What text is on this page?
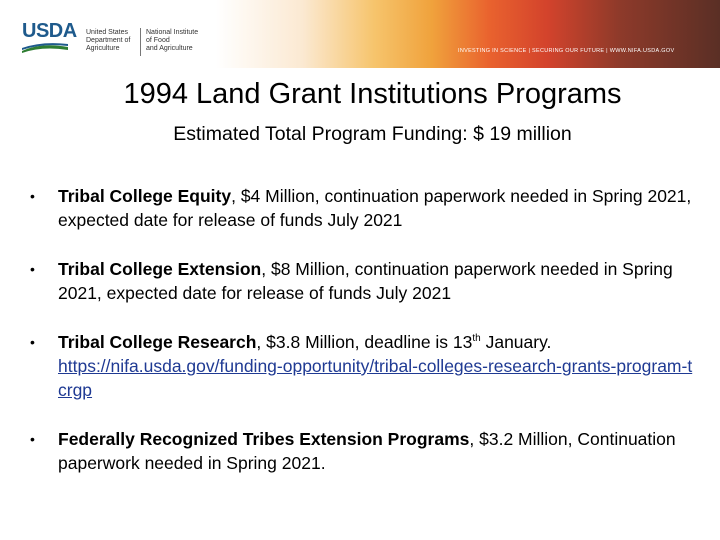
USDA United States
Department of
Agriculture
National Institute
of Food
and Agriculture	INVESTING IN SCIENCE | SECURING OUR FUTURE | WWW.NIFA.USDA.GOV
1994 Land Grant Institutions Programs
Estimated Total Program Funding: $ 19 million
• Tribal College Equity, $4 Million, continuation paperwork needed in Spring 2021, expected date for release of funds July 2021
• Tribal College Extension, $8 Million, continuation paperwork needed in Spring 2021, expected date for release of funds July 2021
• Tribal College Research, $3.8 Million, deadline is 13th January.
https://nifa.usda.gov/funding-opportunity/tribal-colleges-research-grants-program-tcrgp
• Federally Recognized Tribes Extension Programs, $3.2 Million, Continuation paperwork needed in Spring 2021.
